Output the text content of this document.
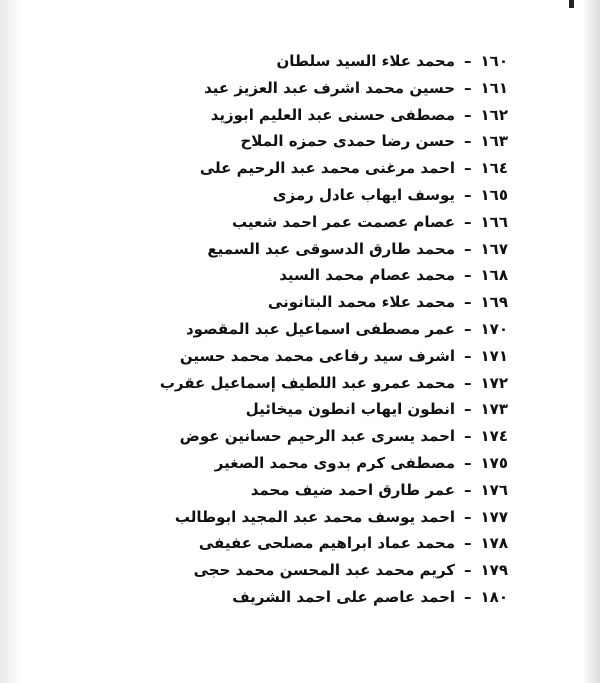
١٦٠–محمد علاء السيد سلطان
١٦١–حسين محمد اشرف عبد العزيز عيد
١٦٢–مصطفى حسنى عبد العليم ابوزيد
١٦٣–حسن رضا حمدى حمزه الملاح
١٦٤–احمد مرغنى محمد عبد الرحيم على
١٦٥–يوسف ايهاب عادل رمزى
١٦٦–عصام عصمت عمر احمد شعيب
١٦٧–محمد طارق الدسوقى عبد السميع
١٦٨–محمد عصام محمد السيد
١٦٩–محمد علاء محمد البتانونى
١٧٠–عمر مصطفى اسماعيل عبد المقصود
١٧١–اشرف سيد رفاعى محمد محمد حسين
١٧٢–محمد عمرو عبد اللطيف إسماعيل عقرب
١٧٣–انطون ايهاب انطون ميخائيل
١٧٤–احمد يسرى عبد الرحيم حسانين عوض
١٧٥–مصطفى كرم بدوى محمد الصغير
١٧٦–عمر طارق احمد ضيف محمد
١٧٧–احمد يوسف محمد عبد المجيد ابوطالب
١٧٨–محمد عماد ابراهيم مصلحى عفيفى
١٧٩–كريم محمد عبد المحسن محمد حجى
١٨٠–احمد عاصم على احمد الشريف
